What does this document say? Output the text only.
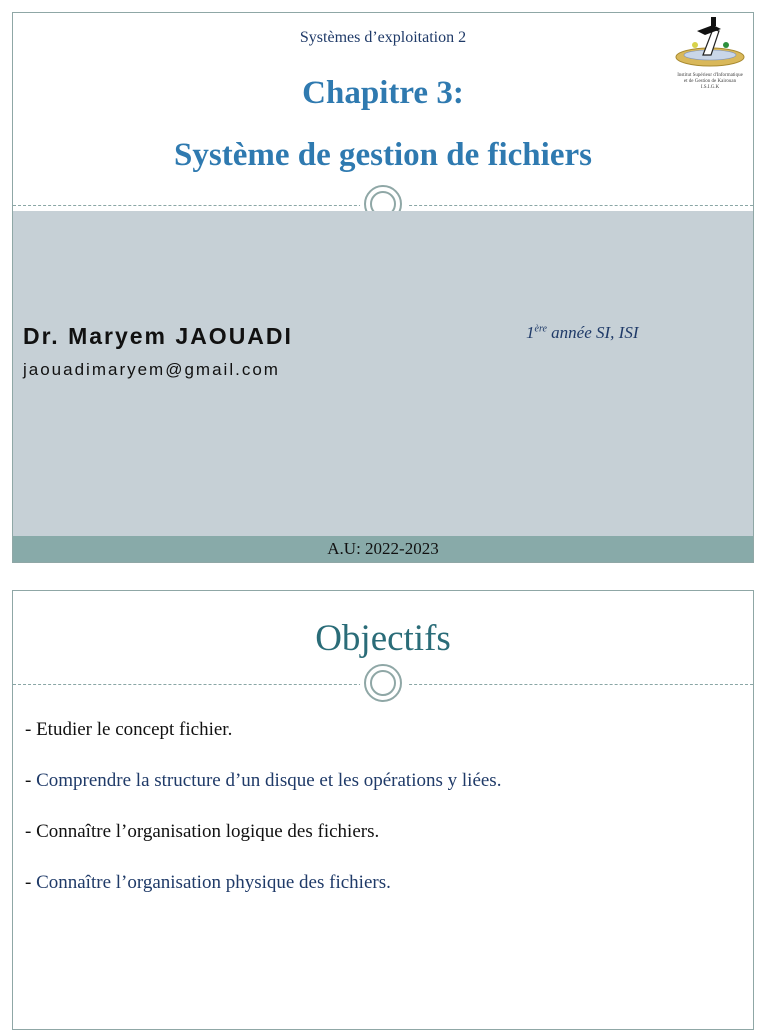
Systèmes d’exploitation 2
Chapitre 3:
Système de gestion de fichiers
Institut Supérieur d'Informatique
et de Gestion de Kairouan
I.S.I.G.K
Dr. Maryem JAOUADI
jaouadimaryem@gmail.com
1ère année SI, ISI
A.U: 2022-2023
Objectifs
- Etudier le concept fichier.
- Comprendre la structure d’un disque et les opérations y liées.
- Connaître l’organisation logique des fichiers.
- Connaître l’organisation physique des fichiers.
